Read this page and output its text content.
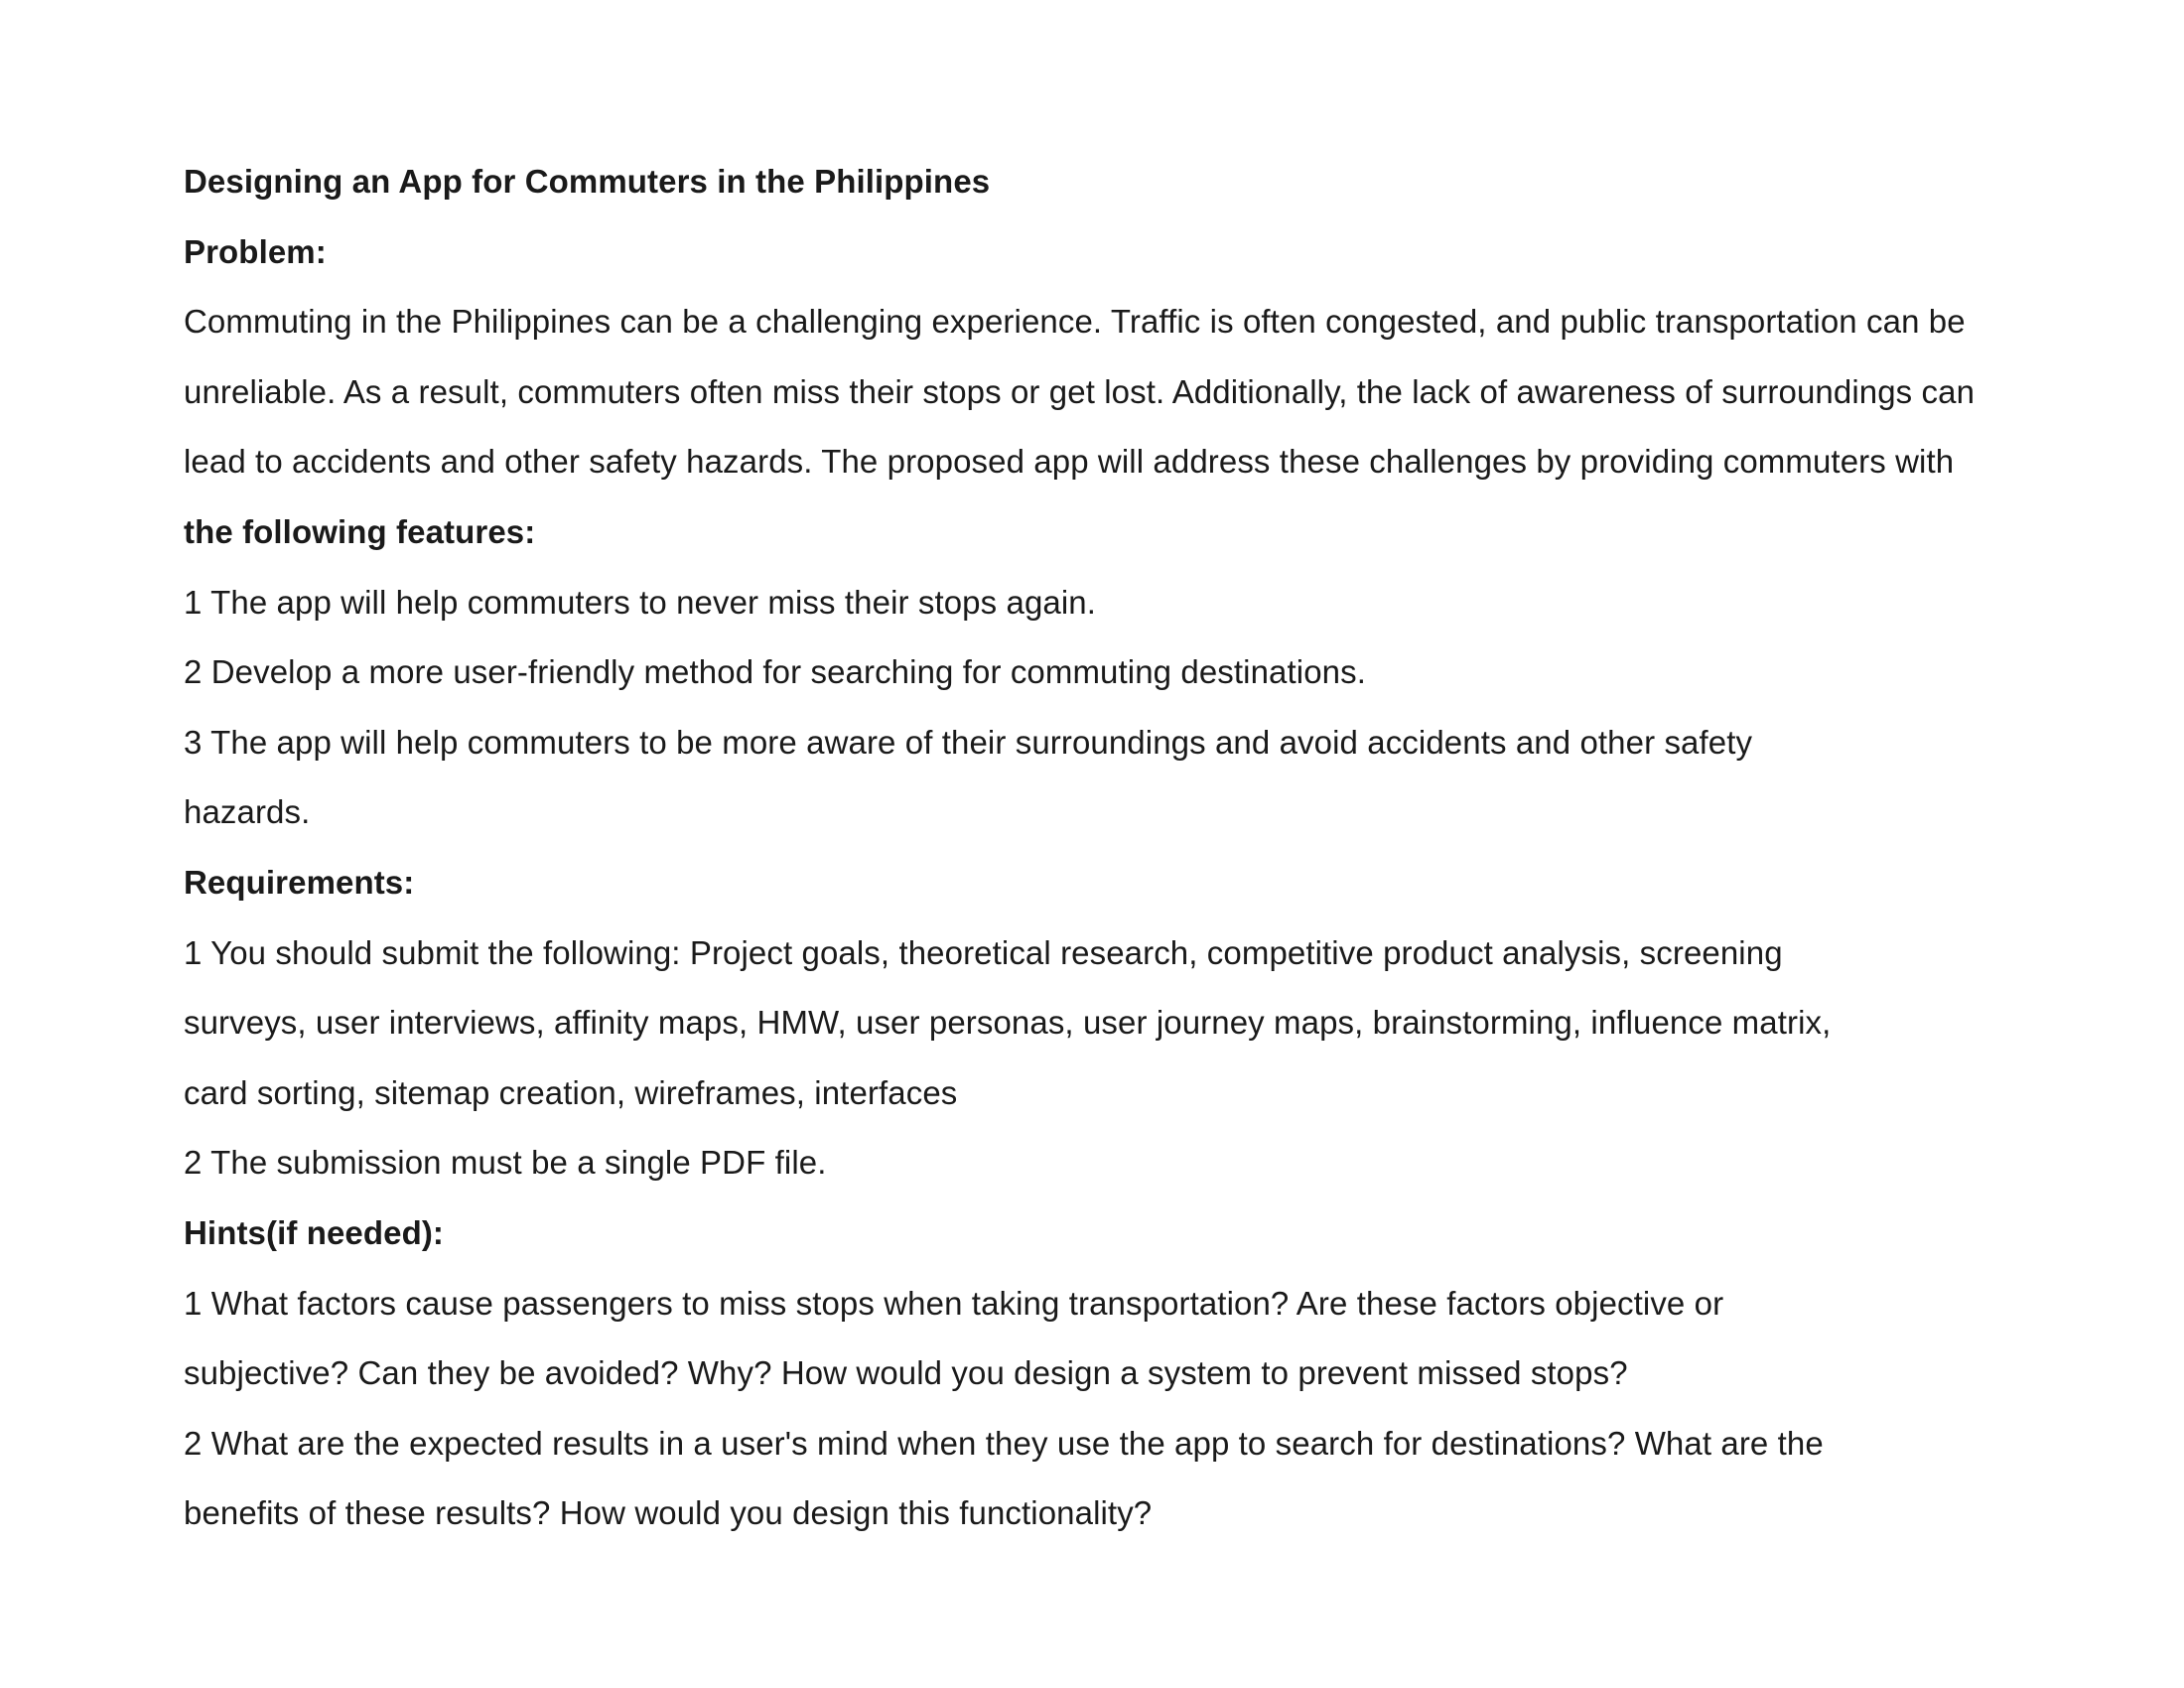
Designing an App for Commuters in the Philippines
Problem:
Commuting in the Philippines can be a challenging experience. Traffic is often congested, and public transportation can be
unreliable. As a result, commuters often miss their stops or get lost. Additionally, the lack of awareness of surroundings can
lead to accidents and other safety hazards. The proposed app will address these challenges by providing commuters with
the following features:
1 The app will help commuters to never miss their stops again.
2 Develop a more user-friendly method for searching for commuting destinations.
3 The app will help commuters to be more aware of their surroundings and avoid accidents and other safety
hazards.
Requirements:
1 You should submit the following: Project goals, theoretical research, competitive product analysis, screening
surveys, user interviews, affinity maps, HMW, user personas, user journey maps, brainstorming, influence matrix,
card sorting, sitemap creation, wireframes, interfaces
2 The submission must be a single PDF file.
Hints(if needed):
1 What factors cause passengers to miss stops when taking transportation? Are these factors objective or
subjective? Can they be avoided? Why? How would you design a system to prevent missed stops?
2 What are the expected results in a user's mind when they use the app to search for destinations? What are the
benefits of these results? How would you design this functionality?
